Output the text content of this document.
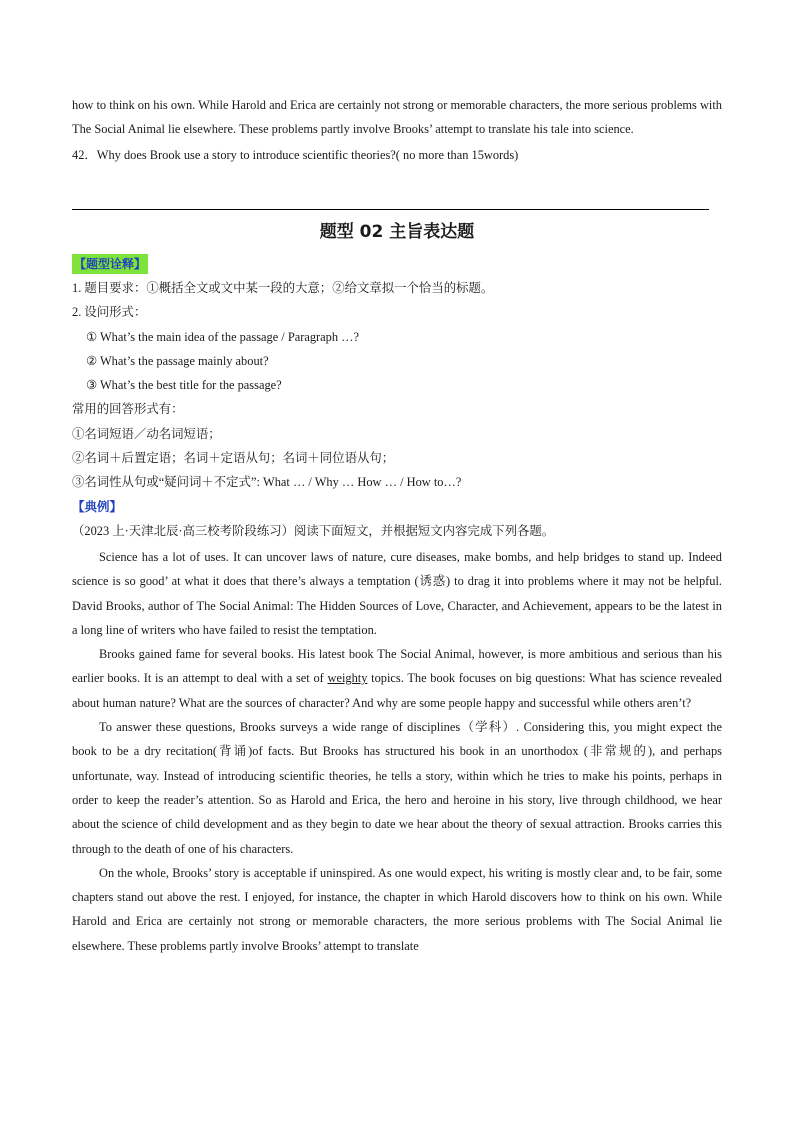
how to think on his own. While Harold and Erica are certainly not strong or memorable characters, the more serious problems with The Social Animal lie elsewhere. These problems partly involve Brooks’ attempt to translate his tale into science.

42．Why does Brook use a story to introduce scientific theories?( no more than 15words)

题型 02 主旨表达题
【题型诠释】

1. 题目要求：①概括全文或文中某一段的大意；②给文章拟一个恰当的标题。

2. 设问形式：

① What’s the main idea of the passage / Paragraph …?

② What’s the passage mainly about?

③ What’s the best title for the passage?

常用的回答形式有：

①名词短语／动名词短语；

②名词＋后置定语；名词＋定语从句；名词＋同位语从句；

③名词性从句或“疑问词＋不定式”: What … / Why … How … / How to…?

【典例】

（2023 上·天津北辰·高三校考阶段练习）阅读下面短文，并根据短文内容完成下列各题。

Science has a lot of uses. It can uncover laws of nature, cure diseases, make bombs, and help bridges to stand up. Indeed science is so good’ at what it does that there’s always a temptation (诱惑) to drag it into problems where it may not be helpful. David Brooks, author of The Social Animal: The Hidden Sources of Love, Character, and Achievement, appears to be the latest in a long line of writers who have failed to resist the temptation.

Brooks gained fame for several books. His latest book The Social Animal, however, is more ambitious and serious than his earlier books. It is an attempt to deal with a set of weighty topics. The book focuses on big questions: What has science revealed about human nature? What are the sources of character? And why are some people happy and successful while others aren’t?

To answer these questions, Brooks surveys a wide range of disciplines（学科）. Considering this, you might expect the book to be a dry recitation(背诵)of facts. But Brooks has structured his book in an unorthodox (非常规的), and perhaps unfortunate, way. Instead of introducing scientific theories, he tells a story, within which he tries to make his points, perhaps in order to keep the reader’s attention. So as Harold and Erica, the hero and heroine in his story, live through childhood, we hear about the science of child development and as they begin to date we hear about the theory of sexual attraction. Brooks carries this through to the death of one of his characters.

On the whole, Brooks’ story is acceptable if uninspired. As one would expect, his writing is mostly clear and, to be fair, some chapters stand out above the rest. I enjoyed, for instance, the chapter in which Harold discovers how to think on his own. While Harold and Erica are certainly not strong or memorable characters, the more serious problems with The Social Animal lie elsewhere. These problems partly involve Brooks’ attempt to translate
